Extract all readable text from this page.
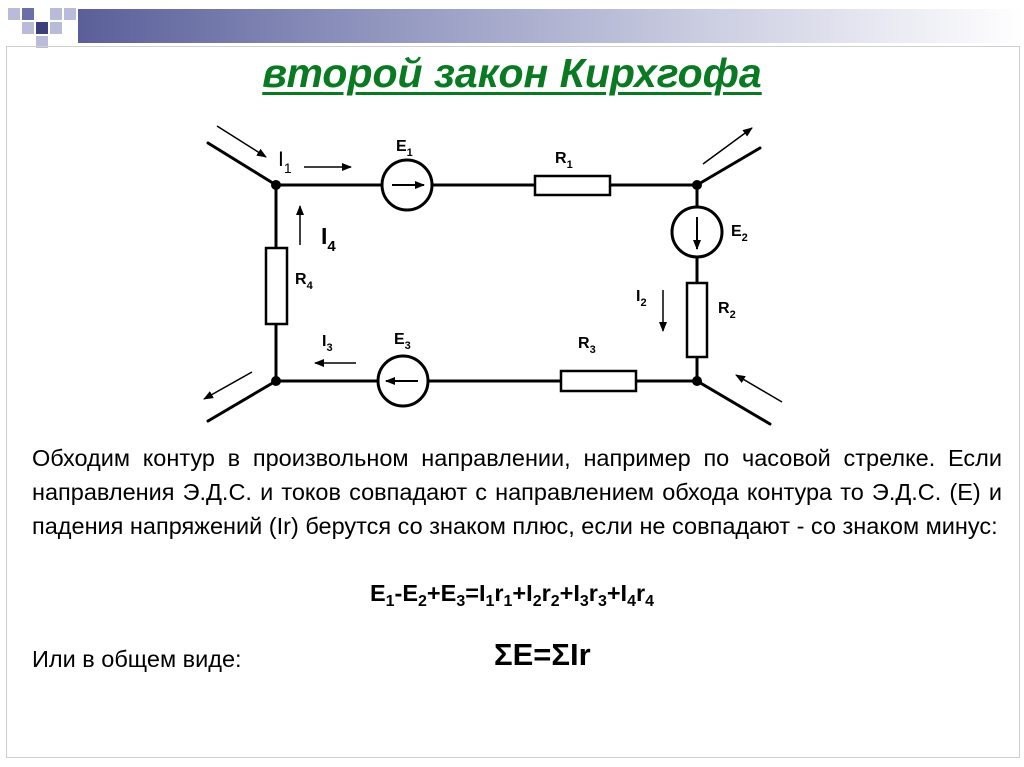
второй закон Кирхгофа
$I_1$
$E_1$	$R_1$
$E_2$
$I_2$	$R_2$
$I_4$
$R_4$
$I_3$	$E_3$	$R_3$

Обходим контур в произвольном направлении, например по часовой стрелке. Если направления Э.Д.С. и токов совпадают с направлением обхода контура то Э.Д.С. (Е) и падения напряжений (Ir) берутся со знаком плюс, если не совпадают - со знаком минус:

$E_1-E_2+E_3=I_1r_1+I_2r_2+I_3r_3+I_4r_4$
Или в общем виде:	ΣE=ΣIr
